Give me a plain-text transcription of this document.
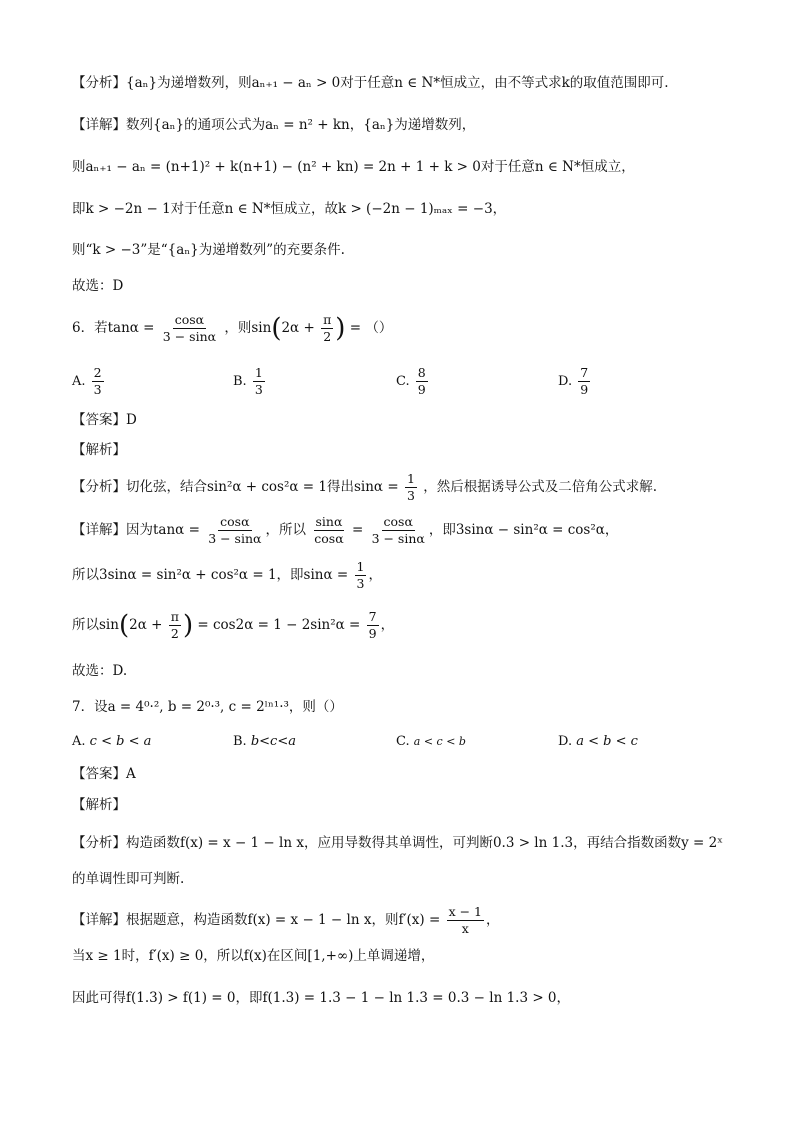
【分析】{aₙ}为递增数列，则aₙ₊₁ − aₙ > 0对于任意n ∈ N*恒成立，由不等式求k的取值范围即可.
【详解】数列{aₙ}的通项公式为aₙ = n² + kn，{aₙ}为递增数列，
则aₙ₊₁ − aₙ = (n+1)² + k(n+1) − (n² + kn) = 2n + 1 + k > 0对于任意n ∈ N*恒成立，
即k > −2n − 1对于任意n ∈ N*恒成立，故k > (−2n − 1)ₘₐₓ = −3，
则“k > −3”是“{aₙ}为递增数列”的充要条件.
故选：D
6．若$\tan\alpha = \frac{\cos\alpha}{3 - \sin\alpha}$ ，则$\sin(2\alpha + \frac{\pi}{2}$ ) = （）
A. $\frac{2}{3}$	B. $\frac{1}{3}$	C. $\frac{8}{9}$	D. $\frac{7}{9}$
【答案】D
【解析】
【分析】切化弦，结合sin²α + cos²α = 1得出$\sin\alpha = \frac{1}{3}$ ，然后根据诱导公式及二倍角公式求解.
【详解】因为$\tan\alpha = \frac{\cos\alpha}{3 - \sin\alpha}$ ，所以 $\frac{\sin\alpha}{\cos\alpha} = \frac{\cos\alpha}{3 - \sin\alpha}$ ，即3sinα − sin²α = cos²α，
所以3sinα = sin²α + cos²α = 1，即$\sin\alpha = \frac{1}{3}$ ，
所以$\sin(2\alpha + \frac{\pi}{2}$ ) = $\cos 2\alpha = 1 - 2\sin^2\alpha = \frac{7}{9}$ ，
故选：D.
7．设a = 4⁰·², b = 2⁰·³, c = 2ˡⁿ¹·³，则（）
A. c < b < a	B. b<c<a	C. a < c < b	D. a < b < c
【答案】A
【解析】
【分析】构造函数f(x) = x − 1 − ln x，应用导数得其单调性，可判断0.3 > ln 1.3，再结合指数函数y = 2ˣ
的单调性即可判断.
【详解】根据题意，构造函数f(x) = x − 1 − ln x，则$f'(x) = \frac{x - 1}{x}$ ，
当x ≥ 1时，f′(x) ≥ 0，所以f(x)在区间[1,+∞)上单调递增，
因此可得f(1.3) > f(1) = 0，即f(1.3) = 1.3 − 1 − ln 1.3 = 0.3 − ln 1.3 > 0，
